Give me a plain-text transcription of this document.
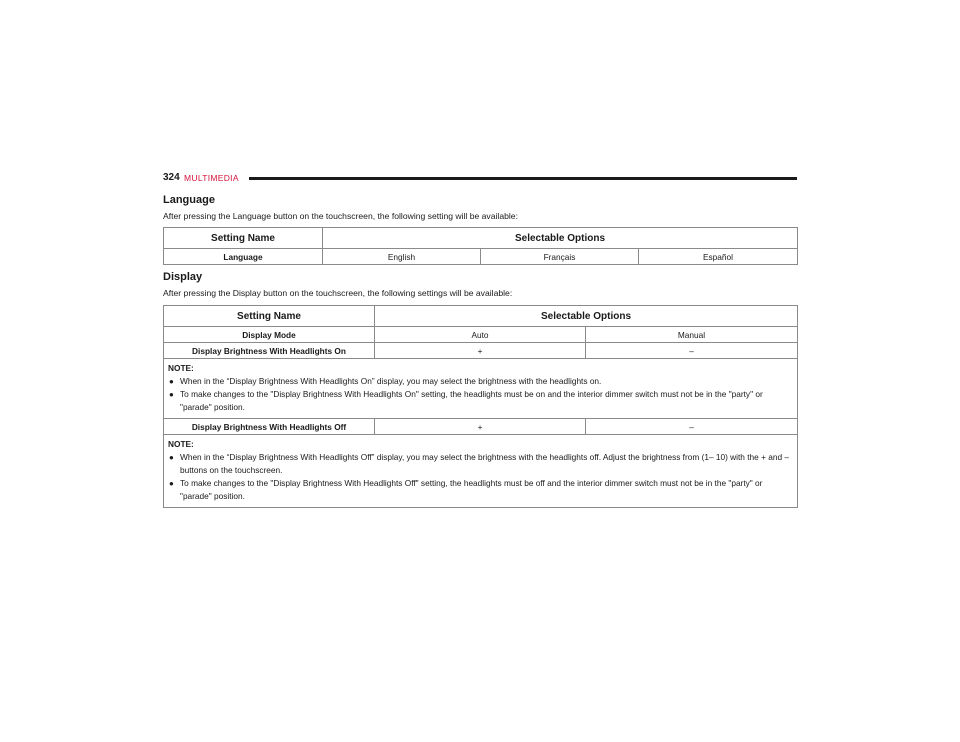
324 MULTIMEDIA
Language
After pressing the Language button on the touchscreen, the following setting will be available:
Setting Name	Selectable Options		
Language	English	Français	Español
Display
After pressing the Display button on the touchscreen, the following settings will be available:
Setting Name	Selectable Options	
Display Mode	Auto	Manual
Display Brightness With Headlights On	+	–

NOTE:
● When in the “Display Brightness With Headlights On” display, you may select the brightness with the headlights on.
● To make changes to the "Display Brightness With Headlights On" setting, the headlights must be on and the interior dimmer switch must not be in the "party" or "parade" position.		

Display Brightness With Headlights Off	+	–

NOTE:
● When in the “Display Brightness With Headlights Off” display, you may select the brightness with the headlights off. Adjust the brightness from (1– 10) with the + and – buttons on the touchscreen.
● To make changes to the "Display Brightness With Headlights Off" setting, the headlights must be off and the interior dimmer switch must not be in the "party" or "parade" position.		
